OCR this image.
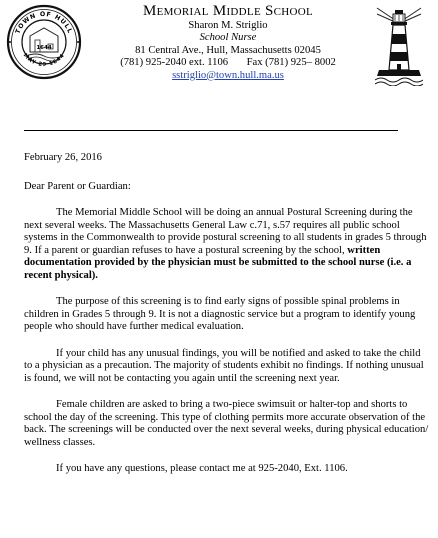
TOWN OF HULL
MAY 29 1644
1644
Memorial Middle School
Sharon M. Striglio
School Nurse
81 Central Ave., Hull, Massachusetts 02045
(781) 925-2040 ext. 1106 Fax (781) 925– 8002
sstriglio@town.hull.ma.us

February 26, 2016

Dear Parent or Guardian:

The Memorial Middle School will be doing an annual Postural Screening during the next several weeks. The Massachusetts General Law c.71, s.57 requires all public school systems in the Commonwealth to provide postural screening to all students in grades 5 through 9. If a parent or guardian refuses to have a postural screening by the school, written documentation provided by the physician must be submitted to the school nurse (i.e. a recent physical).

The purpose of this screening is to find early signs of possible spinal problems in children in Grades 5 through 9. It is not a diagnostic service but a program to identify young people who should have further medical evaluation.

If your child has any unusual findings, you will be notified and asked to take the child to a physician as a precaution. The majority of students exhibit no findings. If nothing unusual is found, we will not be contacting you again until the screening next year.

Female children are asked to bring a two-piece swimsuit or halter-top and shorts to school the day of the screening. This type of clothing permits more accurate observation of the back. The screenings will be conducted over the next several weeks, during physical education/ wellness classes.

If you have any questions, please contact me at 925-2040, Ext. 1106.
